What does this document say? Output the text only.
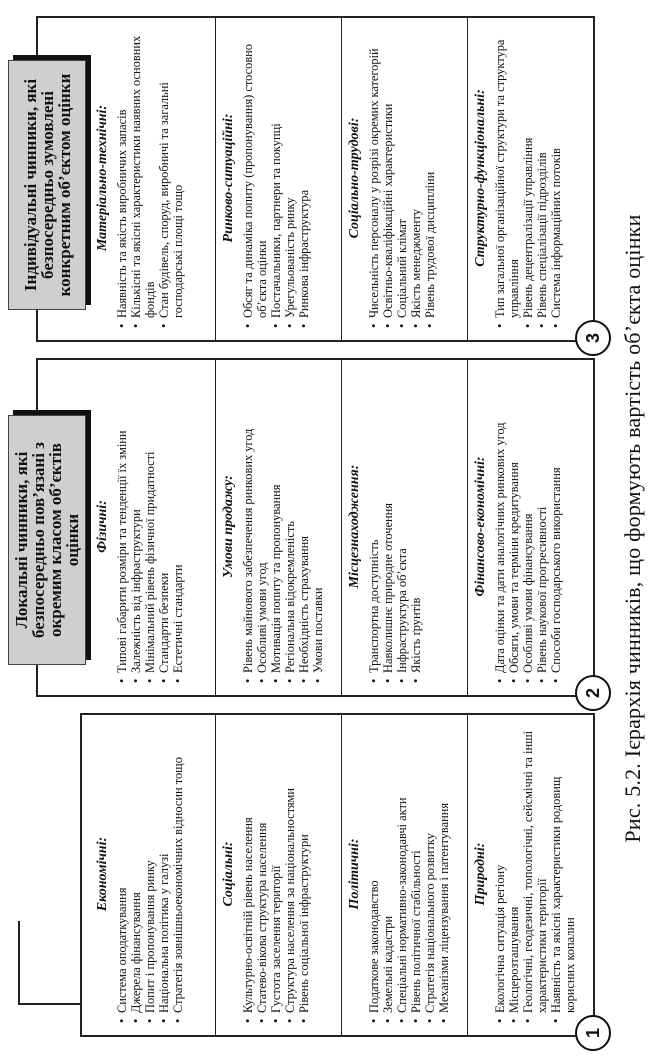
1
Економічні:
• Система оподаткування • Джерела фінансування • Попит і пропонування ринку • Національна політика у галузі • Стратегія зовнішньоекономічних відносин тощо	Соціальні: • Культурно-освітній рівень населення • Статево-вікова структура населення • Густота заселення території • Структура населення за національностями • Рівень соціальної інфраструктури	Політичні:
• Податкове законодавство • Земельні кадастри • Спеціальні нормативно-законодавчі акти • Рівень політичної стабільності • Стратегія національного розвитку • Механізми ліцензування і патентування Природні: • Екологічна ситуація регіону • Місцерозташування • Геологічні, геодезичні, топологічні, сейсмічні та інші характеристики території • Наявність та якісні характеристики родовищ корисних копалин
Локальні чинники, які безпосередньо пов’язані з окремим класом об’єктів оцінки
2
Фізичні: • Типові габарити розміри та тенденції їх зміни • Залежність від інфраструктури • Мінімальний рівень фізичної придатності • Стандарти безпеки • Естетичні стандарти
Умови продажу: • Рівень майнового забезпечення ринкових угод • Особливі умови угод • Мотивація попиту та пропонування • Регіональна відокремленість • Необхідність страхування • Умови поставки
Місцезнаходження:
• Транспортна доступність • Навколишнє природне оточення • Інфраструктура об’єкта • Якість ґрунтів
Фінансово-економічні: • Дата оцінки та дати аналогічних ринкових угод • Обсяги, умови та терміни кредитування • Особливі умови фінансування • Рівень наукової прогресивності • Способи господарського використання
Індивідуальні чинники, які безпосередньо зумовлені конкретним об’єктом оцінки
3
Матеріально-технічні: • Наявність та якість виробничих запасів • Кількісні та якісні характеристики наявних основних фондів • Стан будівель, споруд, виробничі та загальні господарські площі тощо
Ринково-ситуаційні: • Обсяг та динаміка попиту (пропонування) стосовно об’єкта оцінки • Постачальники, партнери та покупці • Урегульованість ринку • Ринкова інфраструктура
Соціально-трудові: • Чисельність персоналу у розрізі окремих категорій • Освітньо-кваліфікаційні характеристики • Соціальний клімат • Якість менеджменту • Рівень трудової дисципліни	Структурно-функціональні: • Тип загальної організаційної структури та структура управління • Рівень децентралізації управління • Рівень спеціалізації підрозділів • Система інформаційних потоків	Рис. 5.2. Ієрархія чинників, що формують вартість об’єкта оцінки
